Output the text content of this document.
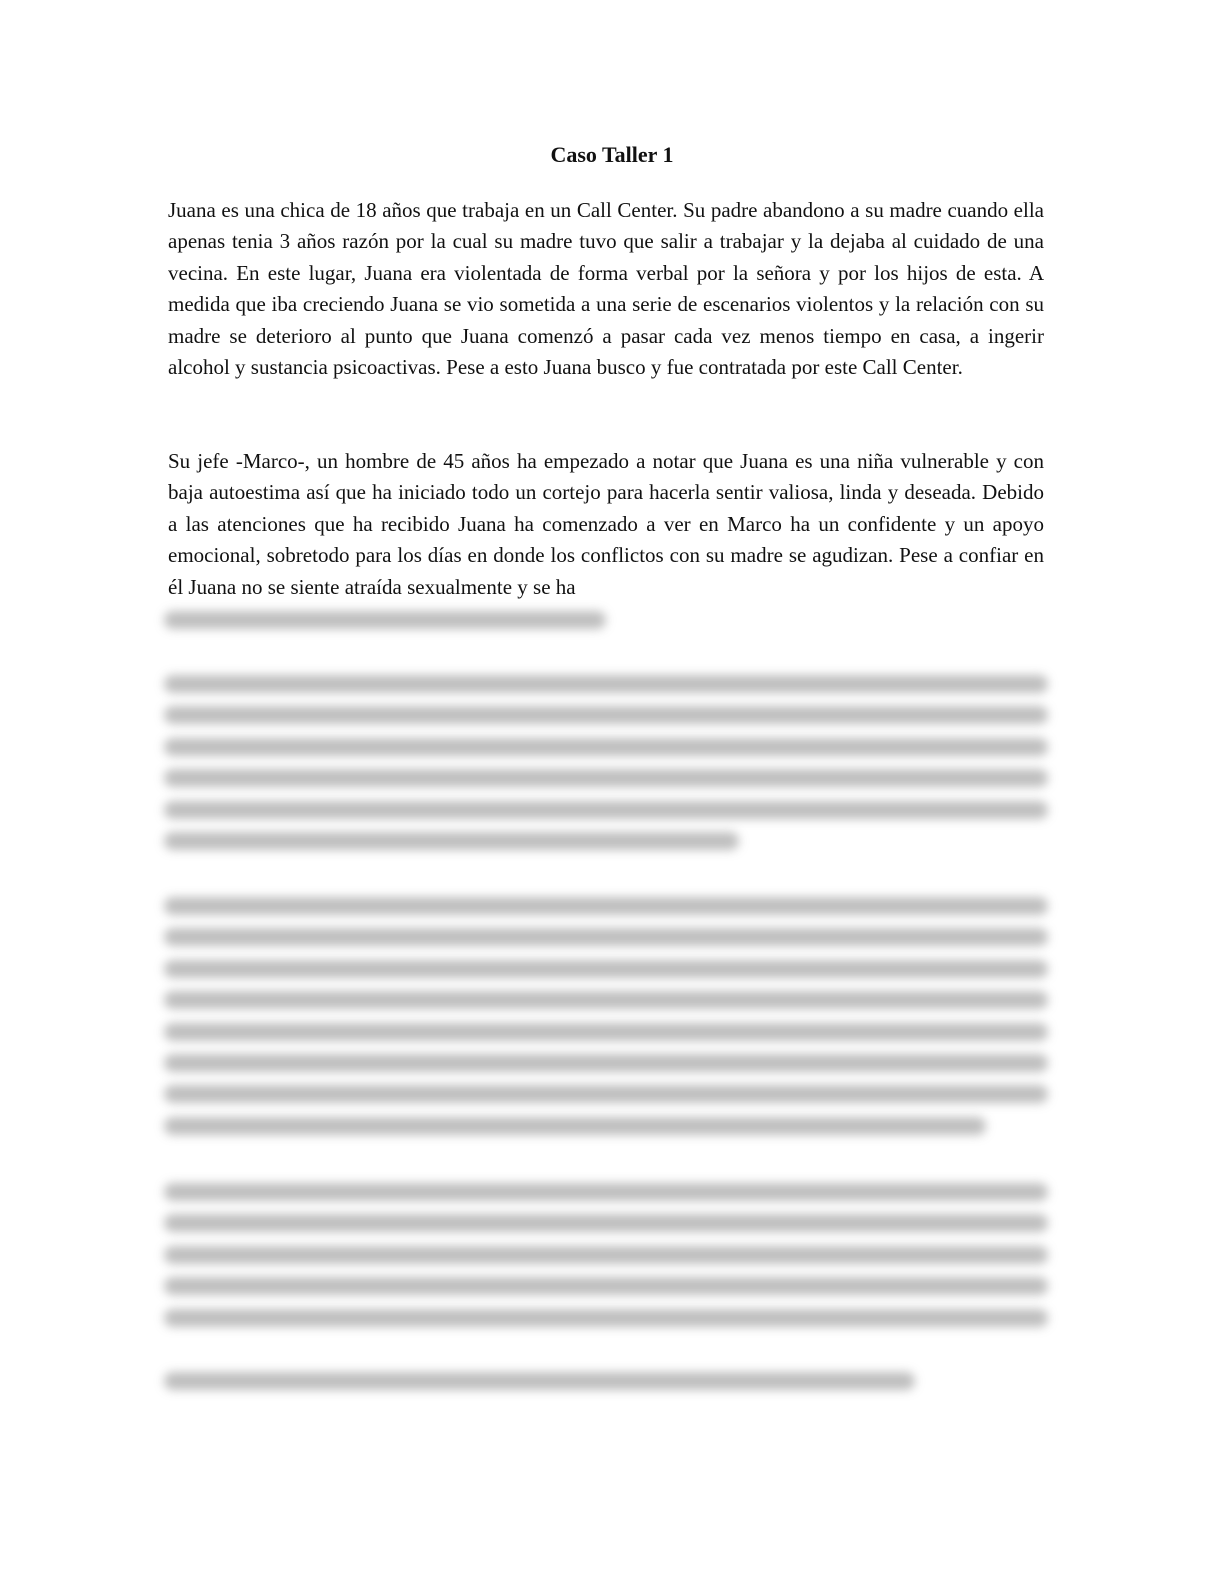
Caso Taller 1

Juana es una chica de 18 años que trabaja en un Call Center. Su padre abandono a su madre cuando ella apenas tenia 3 años razón por la cual su madre tuvo que salir a trabajar y la dejaba al cuidado de una vecina. En este lugar, Juana era violentada de forma verbal por la señora y por los hijos de esta. A medida que iba creciendo Juana se vio sometida a una serie de escenarios violentos y la relación con su madre se deterioro al punto que Juana comenzó a pasar cada vez menos tiempo en casa, a ingerir alcohol y sustancia psicoactivas. Pese a esto Juana busco y fue contratada por este Call Center.

Su jefe -Marco-, un hombre de 45 años ha empezado a notar que Juana es una niña vulnerable y con baja autoestima así que ha iniciado todo un cortejo para hacerla sentir valiosa, linda y deseada. Debido a las atenciones que ha recibido Juana ha comenzado a ver en Marco ha un confidente y un apoyo emocional, sobretodo para los días en donde los conflictos con su madre se agudizan. Pese a confiar en él Juana no se siente atraída sexualmente y se ha
